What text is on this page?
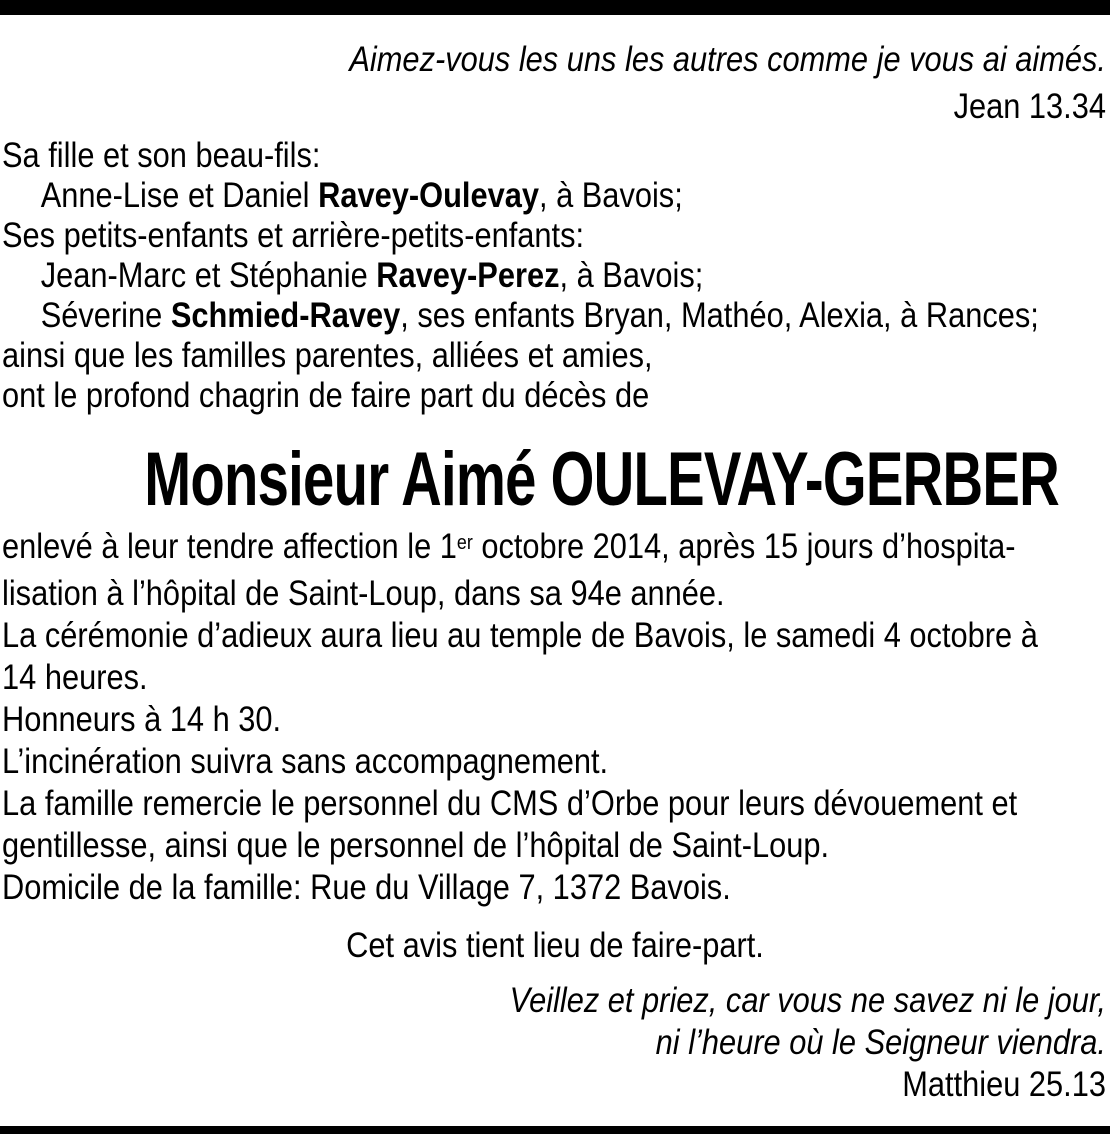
Aimez-vous les uns les autres comme je vous ai aimés.
Jean 13.34
Sa fille et son beau-fils:
Anne-Lise et Daniel Ravey-Oulevay, à Bavois;
Ses petits-enfants et arrière-petits-enfants:
Jean-Marc et Stéphanie Ravey-Perez, à Bavois;
Séverine Schmied-Ravey, ses enfants Bryan, Mathéo, Alexia, à Rances;
ainsi que les familles parentes, alliées et amies,
ont le profond chagrin de faire part du décès de
Monsieur Aimé OULEVAY-GERBER
enlevé à leur tendre affection le 1er octobre 2014, après 15 jours d’hospita-
lisation à l’hôpital de Saint-Loup, dans sa 94e année.
La cérémonie d’adieux aura lieu au temple de Bavois, le samedi 4 octobre à
14 heures.
Honneurs à 14 h 30.
L’incinération suivra sans accompagnement.
La famille remercie le personnel du CMS d’Orbe pour leurs dévouement et
gentillesse, ainsi que le personnel de l’hôpital de Saint-Loup.
Domicile de la famille: Rue du Village 7, 1372 Bavois.
Cet avis tient lieu de faire-part.
Veillez et priez, car vous ne savez ni le jour,
ni l’heure où le Seigneur viendra.
Matthieu 25.13
